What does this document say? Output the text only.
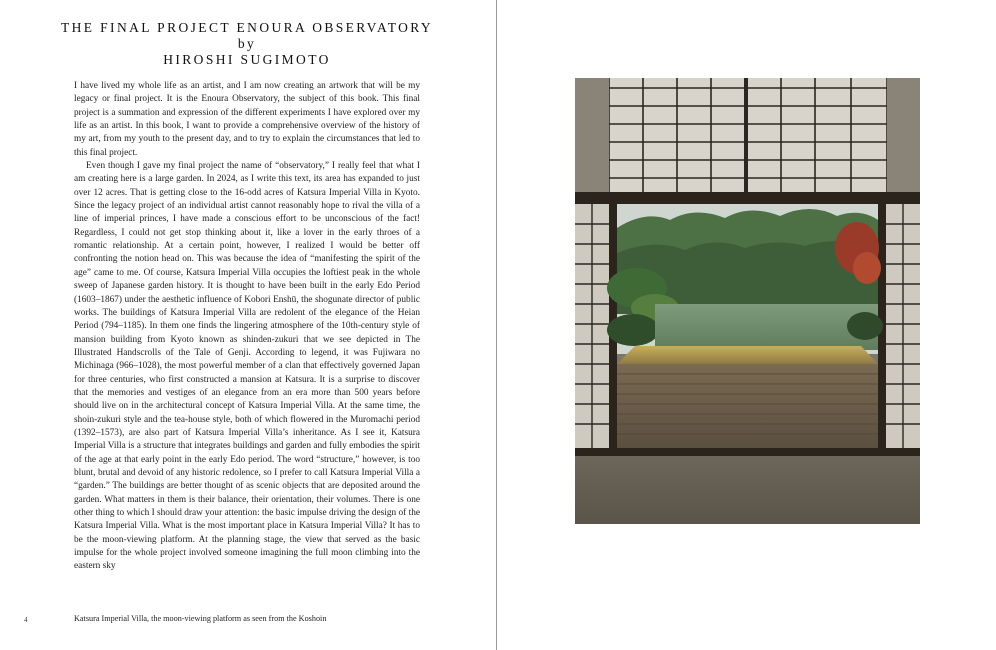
THE FINAL PROJECT ENOURA OBSERVATORY
by
HIROSHI SUGIMOTO

I have lived my whole life as an artist, and I am now creating an artwork that will be my legacy or final project. It is the Enoura Observatory, the subject of this book. This final project is a summation and expression of the different experiments I have explored over my life as an artist. In this book, I want to provide a comprehensive overview of the history of my art, from my youth to the present day, and to try to explain the circumstances that led to this final project.

Even though I gave my final project the name of “observatory,” I really feel that what I am creating here is a large garden. In 2024, as I write this text, its area has expanded to just over 12 acres. That is getting close to the 16-odd acres of Katsura Imperial Villa in Kyoto. Since the legacy project of an individual artist cannot reasonably hope to rival the villa of a line of imperial princes, I have made a conscious effort to be unconscious of the fact! Regardless, I could not get stop thinking about it, like a lover in the early throes of a romantic relationship. At a certain point, however, I realized I would be better off confronting the notion head on. This was because the idea of “manifesting the spirit of the age” came to me. Of course, Katsura Imperial Villa occupies the loftiest peak in the whole sweep of Japanese garden history. It is thought to have been built in the early Edo Period (1603–1867) under the aesthetic influence of Kobori Enshū, the shogunate director of public works. The buildings of Katsura Imperial Villa are redolent of the elegance of the Heian Period (794–1185). In them one finds the lingering atmosphere of the 10th-century style of mansion building from Kyoto known as shinden-zukuri that we see depicted in The Illustrated Handscrolls of the Tale of Genji. According to legend, it was Fujiwara no Michinaga (966–1028), the most powerful member of a clan that effectively governed Japan for three centuries, who first constructed a mansion at Katsura. It is a surprise to discover that the memories and vestiges of an elegance from an era more than 500 years before should live on in the architectural concept of Katsura Imperial Villa. At the same time, the shoin-zukuri style and the tea-house style, both of which flowered in the Muromachi period (1392–1573), are also part of Katsura Imperial Villa’s inheritance. As I see it, Katsura Imperial Villa is a structure that integrates buildings and garden and fully embodies the spirit of the age at that early point in the early Edo period. The word “structure,” however, is too blunt, brutal and devoid of any historic redolence, so I prefer to call Katsura Imperial Villa a “garden.” The buildings are better thought of as scenic objects that are deposited around the garden. What matters in them is their balance, their orientation, their volumes. There is one other thing to which I should draw your attention: the basic impulse driving the design of the Katsura Imperial Villa. What is the most important place in Katsura Imperial Villa? It has to be the moon-viewing platform. At the planning stage, the view that served as the basic impulse for the whole project involved someone imagining the full moon climbing into the eastern sky

4	Katsura Imperial Villa, the moon-viewing platform as seen from the Koshoin
